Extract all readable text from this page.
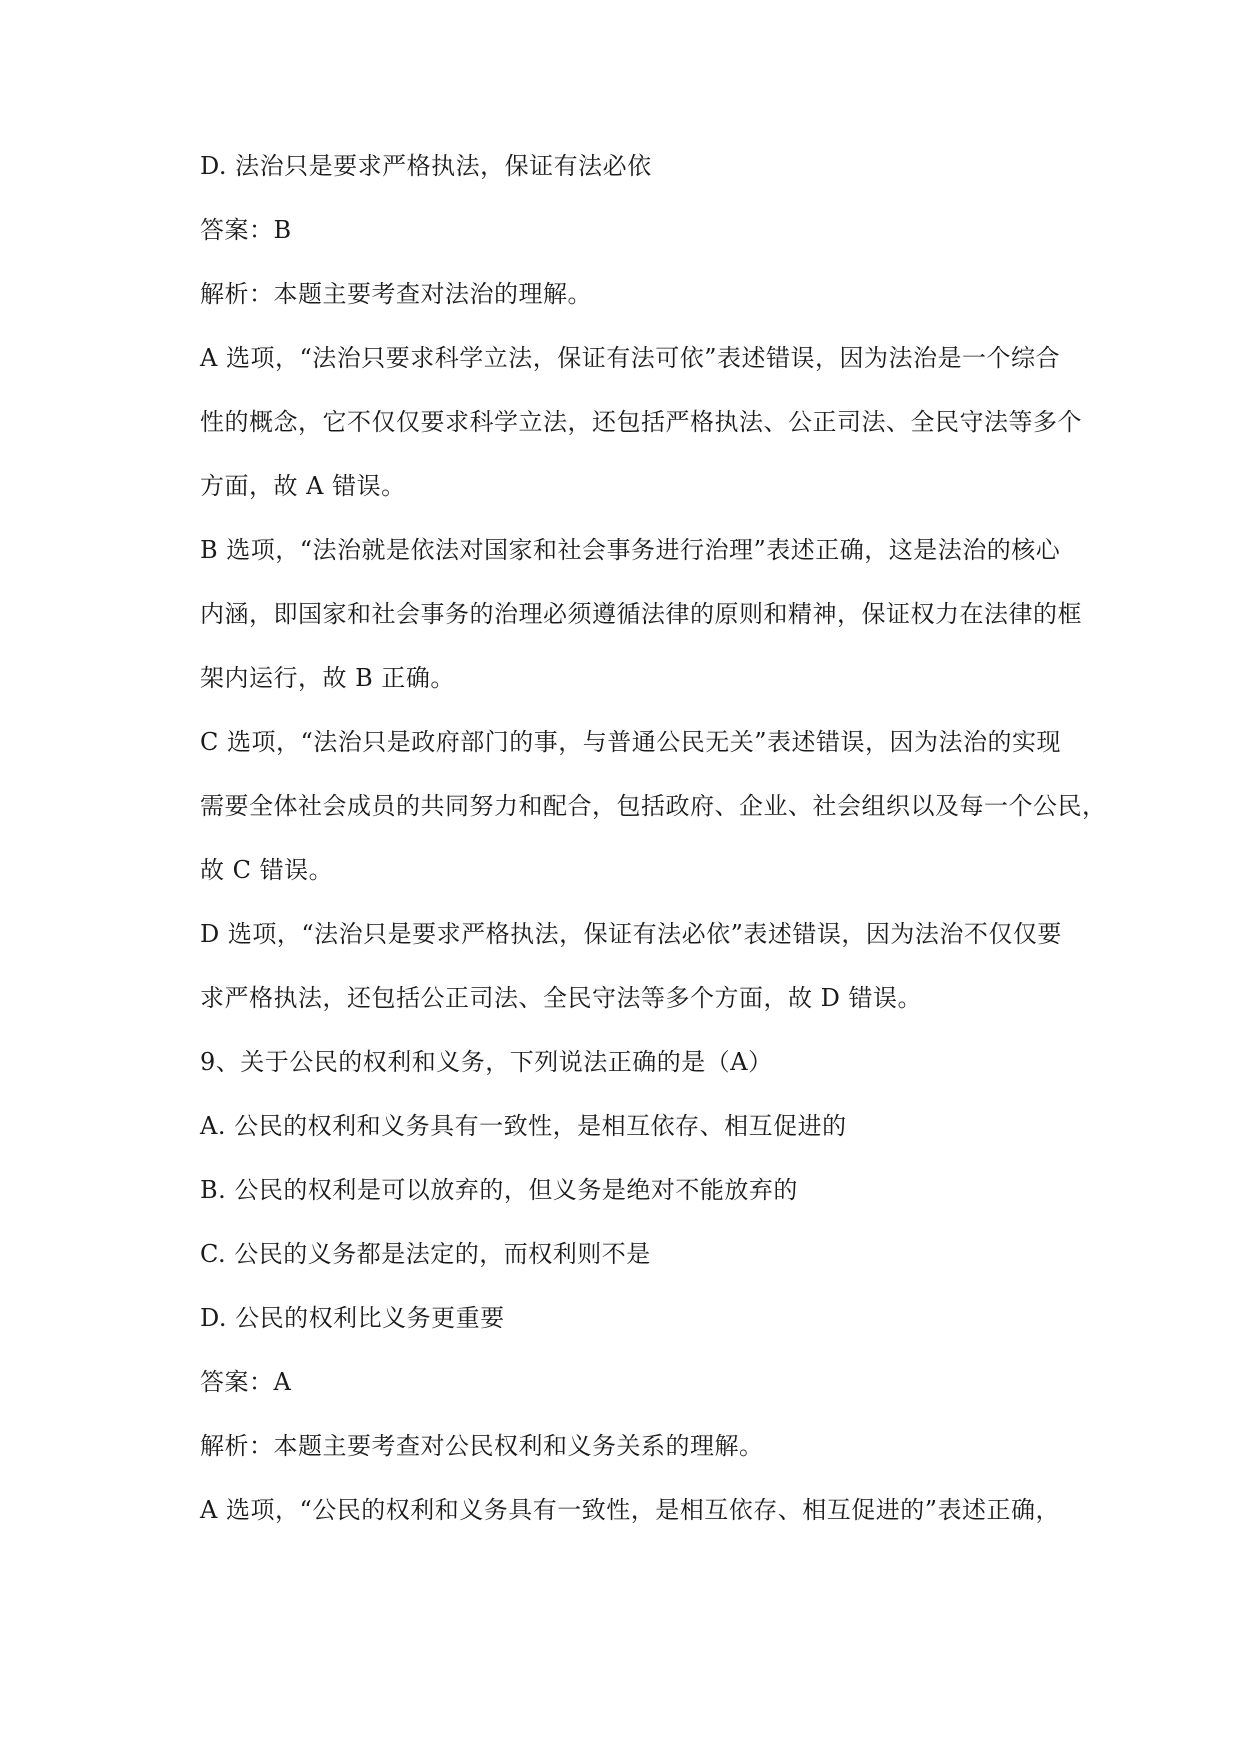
D. 法治只是要求严格执法，保证有法必依
答案：B
解析：本题主要考查对法治的理解。
A 选项，“法治只要求科学立法，保证有法可依”表述错误，因为法治是一个综合
性的概念，它不仅仅要求科学立法，还包括严格执法、公正司法、全民守法等多个
方面，故 A 错误。
B 选项，“法治就是依法对国家和社会事务进行治理”表述正确，这是法治的核心
内涵，即国家和社会事务的治理必须遵循法律的原则和精神，保证权力在法律的框
架内运行，故 B 正确。
C 选项，“法治只是政府部门的事，与普通公民无关”表述错误，因为法治的实现
需要全体社会成员的共同努力和配合，包括政府、企业、社会组织以及每一个公民，
故 C 错误。
D 选项，“法治只是要求严格执法，保证有法必依”表述错误，因为法治不仅仅要
求严格执法，还包括公正司法、全民守法等多个方面，故 D 错误。
9、关于公民的权利和义务，下列说法正确的是（A）
A. 公民的权利和义务具有一致性，是相互依存、相互促进的
B. 公民的权利是可以放弃的，但义务是绝对不能放弃的
C. 公民的义务都是法定的，而权利则不是
D. 公民的权利比义务更重要
答案：A
解析：本题主要考查对公民权利和义务关系的理解。
A 选项，“公民的权利和义务具有一致性，是相互依存、相互促进的”表述正确，
